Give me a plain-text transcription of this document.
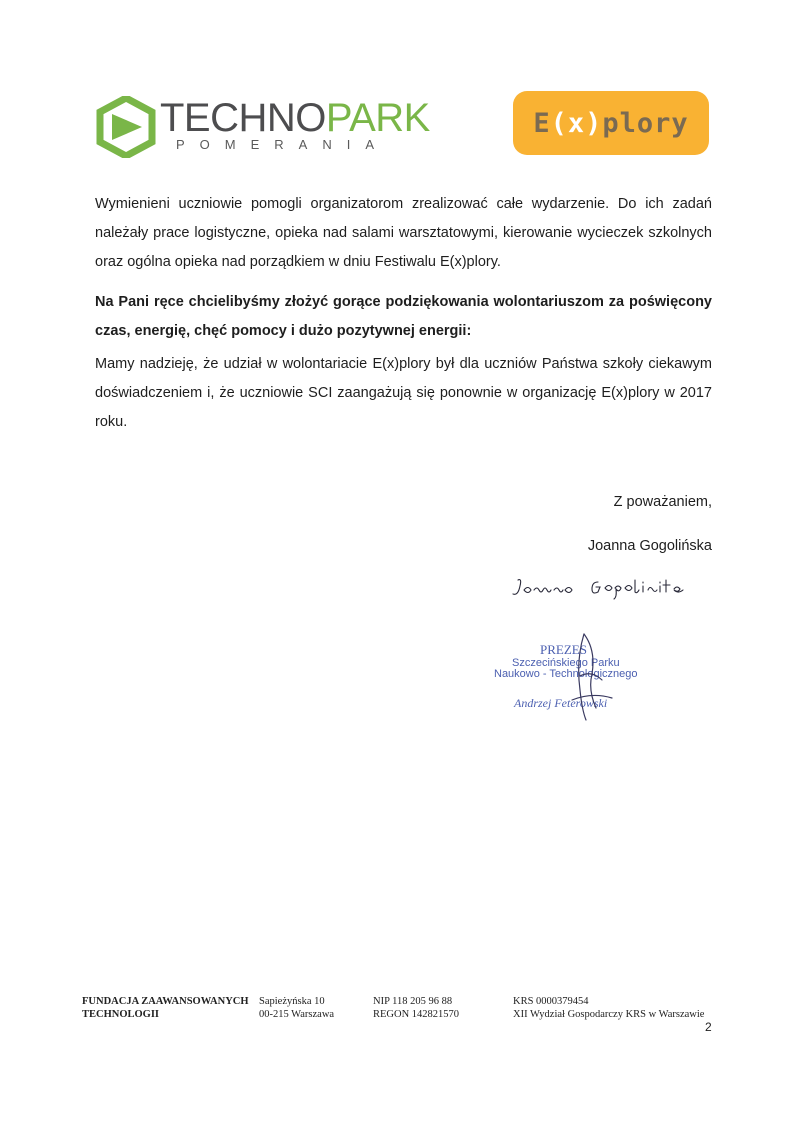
TECHNOPARK
POMERANIA
E ( x ) plory
Wymienieni uczniowie pomogli organizatorom zrealizować całe wydarzenie. Do ich zadań należały prace logistyczne, opieka nad salami warsztatowymi, kierowanie wycieczek szkolnych oraz ogólna opieka nad porządkiem w dniu Festiwalu E(x)plory.
Na Pani ręce chcielibyśmy złożyć gorące podziękowania wolontariuszom za poświęcony czas, energię, chęć pomocy i dużo pozytywnej energii:
Mamy nadzieję, że udział w wolontariacie E(x)plory był dla uczniów Państwa szkoły ciekawym doświadczeniem i, że uczniowie SCI zaangażują się ponownie w organizację E(x)plory w 2017 roku.
Z poważaniem,
Joanna Gogolińska
PREZES
Szczecińskiego Parku
Naukowo - Technologicznego
Andrzej Feterowski
FUNDACJA ZAAWANSOWANYCH
TECHNOLOGII
Sapieżyńska 10
00-215 Warszawa
NIP 118 205 96 88
REGON 142821570
KRS 0000379454
XII Wydział Gospodarczy KRS w Warszawie
2
